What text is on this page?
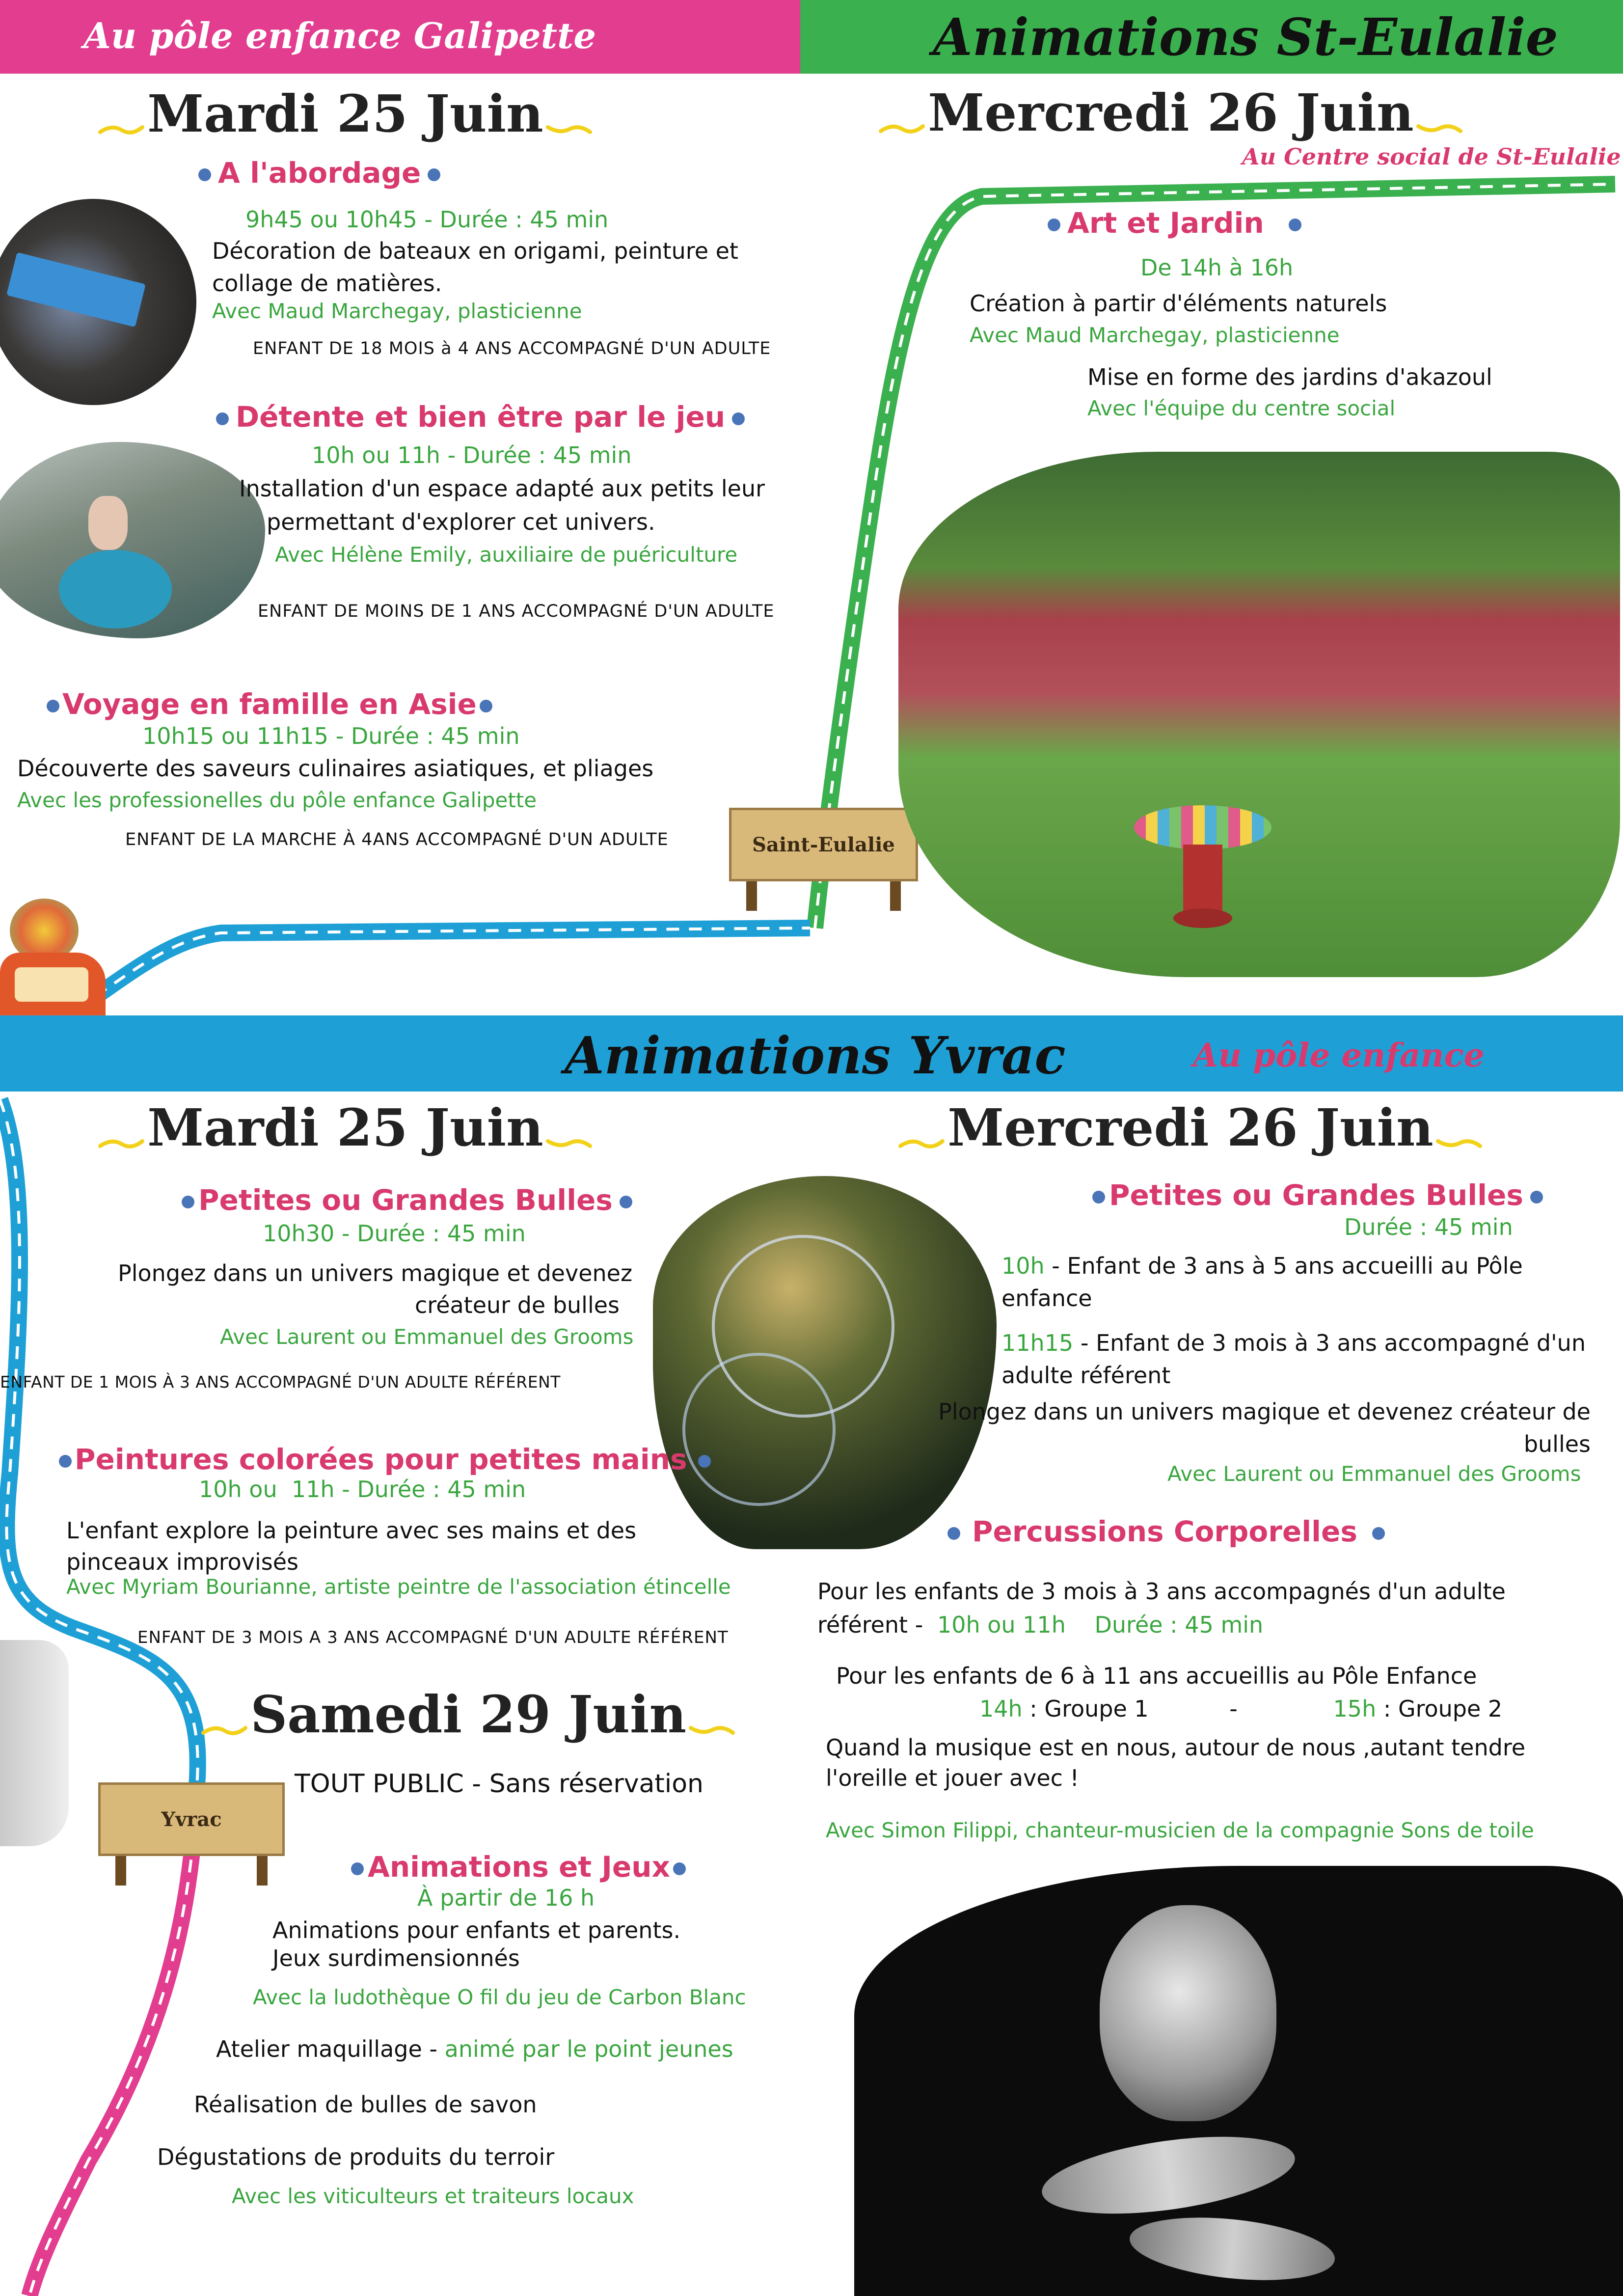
Au pôle enfance Galipette	Animations St-Eulalie
Mardi 25 Juin
A l'abordage
9h45 ou 10h45 - Durée : 45 min
Décoration de bateaux en origami, peinture et collage de matières.
Avec Maud Marchegay, plasticienne
ENFANT DE 18 MOIS à 4 ANS ACCOMPAGNÉ D'UN ADULTE
Détente et bien être par le jeu
10h ou 11h - Durée : 45 min
Installation d'un espace adapté aux petits leur
permettant d'explorer cet univers.
Avec Hélène Emily, auxiliaire de puériculture
ENFANT DE MOINS DE 1 ANS ACCOMPAGNÉ D'UN ADULTE
Voyage en famille en Asie
10h15 ou 11h15 - Durée : 45 min
Découverte des saveurs culinaires asiatiques, et pliages
Avec les professionelles du pôle enfance Galipette
ENFANT DE LA MARCHE À 4ANS ACCOMPAGNÉ D'UN ADULTE	Saint-Eulalie
Mercredi 26 Juin
Au Centre social de St-Eulalie
Art et Jardin
De 14h à 16h
Création à partir d'éléments naturels
Avec Maud Marchegay, plasticienne
Mise en forme des jardins d'akazoul
Avec l'équipe du centre social
Animations Yvrac	Au pôle enfance
Mardi 25 Juin
Petites ou Grandes Bulles
10h30 - Durée : 45 min
Plongez dans un univers magique et devenez
créateur de bulles
Avec Laurent ou Emmanuel des Grooms
ENFANT DE 1 MOIS À 3 ANS ACCOMPAGNÉ D'UN ADULTE RÉFÉRENT
Peintures colorées pour petites mains
10h ou  11h - Durée : 45 min
L'enfant explore la peinture avec ses mains et des pinceaux improvisés
Avec Myriam Bourianne, artiste peintre de l'association étincelle
ENFANT DE 3 MOIS A 3 ANS ACCOMPAGNÉ D'UN ADULTE RÉFÉRENT
Yvrac
Samedi 29 Juin
TOUT PUBLIC - Sans réservation
Animations et Jeux
À partir de 16 h
Animations pour enfants et parents.
Jeux surdimensionnés
Avec la ludothèque O fil du jeu de Carbon Blanc
Atelier maquillage - animé par le point jeunes
Réalisation de bulles de savon
Dégustations de produits du terroir
Avec les viticulteurs et traiteurs locaux
Mercredi 26 Juin
Petites ou Grandes Bulles
Durée : 45 min
10h - Enfant de 3 ans à 5 ans accueilli au Pôle enfance
11h15 - Enfant de 3 mois à 3 ans accompagné d'un adulte référent
Plongez dans un univers magique et devenez créateur de bulles
Avec Laurent ou Emmanuel des Grooms
Percussions Corporelles
Pour les enfants de 3 mois à 3 ans accompagnés d'un adulte
référent - 10h ou 11h Durée : 45 min
Pour les enfants de 6 à 11 ans accueillis au Pôle Enfance
14h : Groupe 1	-	15h : Groupe 2
Quand la musique est en nous, autour de nous ,autant tendre l'oreille et jouer avec !
Avec Simon Filippi, chanteur-musicien de la compagnie Sons de toile
